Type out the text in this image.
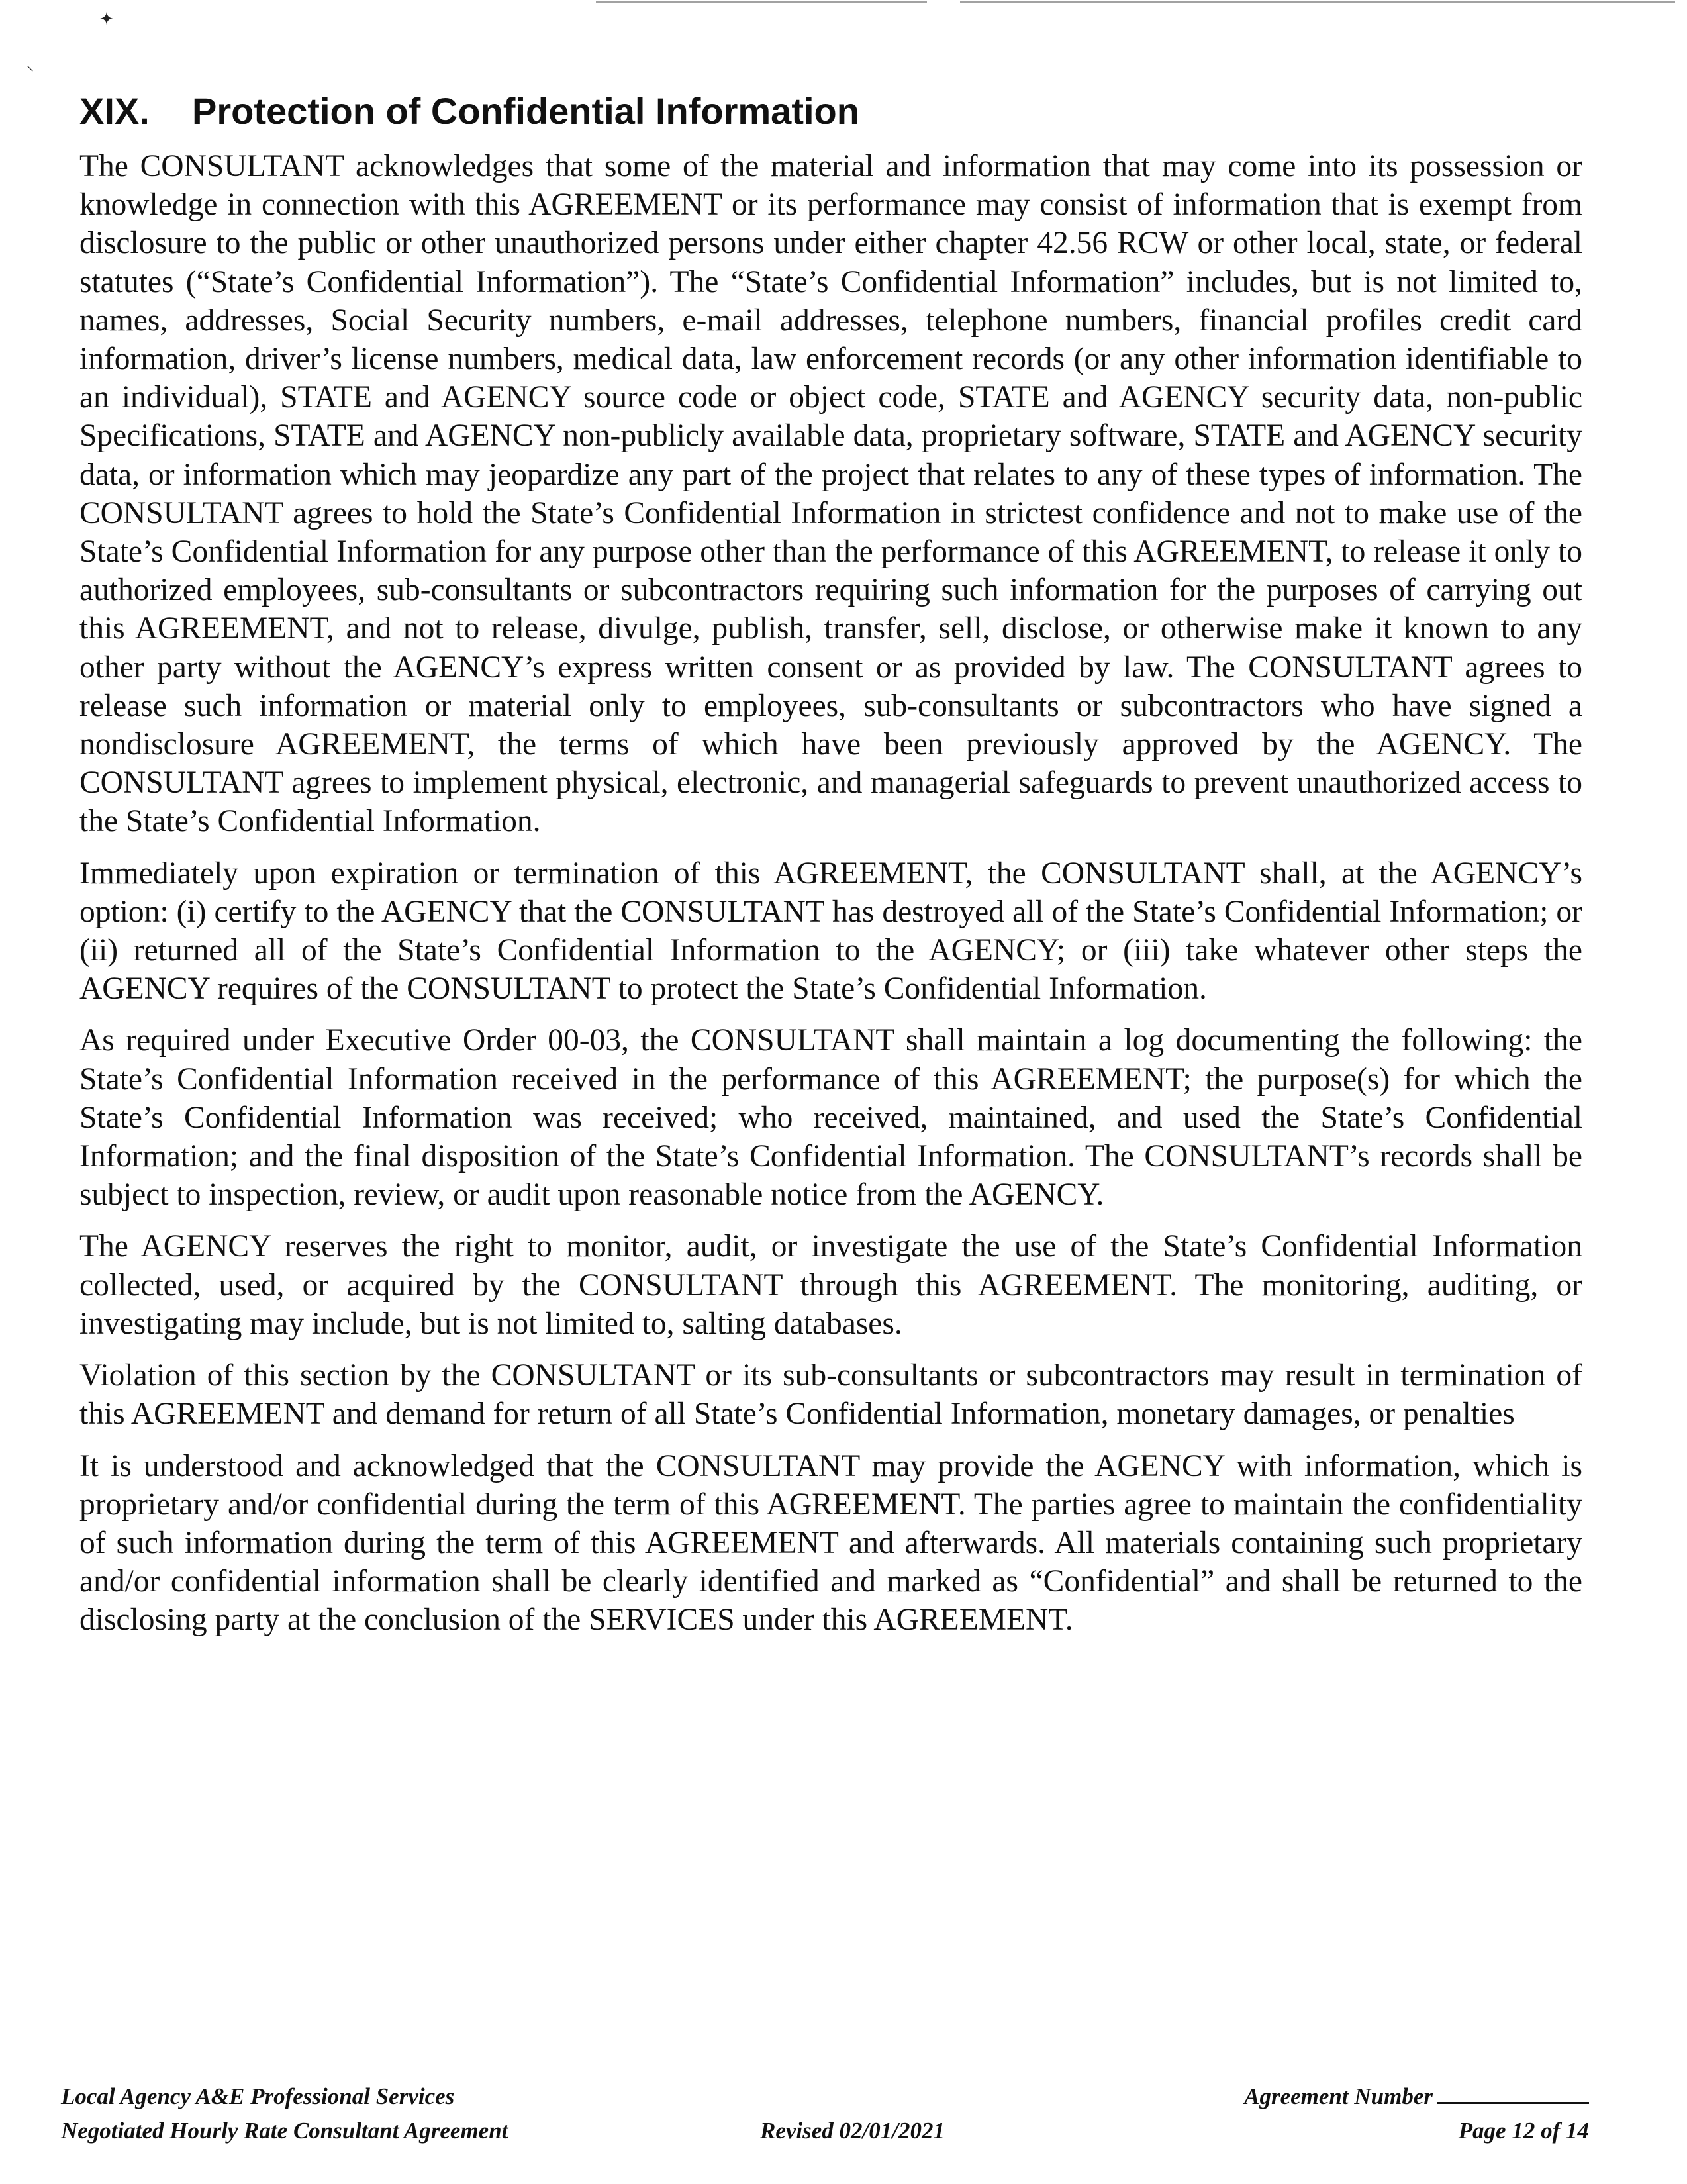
✦
⸌
XIX. Protection of Confidential Information

The CONSULTANT acknowledges that some of the material and information that may come into its possession or knowledge in connection with this AGREEMENT or its performance may consist of information that is exempt from disclosure to the public or other unauthorized persons under either chapter 42.56 RCW or other local, state, or federal statutes (“State’s Confidential Information”). The “State’s Confidential Information” includes, but is not limited to, names, addresses, Social Security numbers, e-mail addresses, telephone numbers, financial profiles credit card information, driver’s license numbers, medical data, law enforcement records (or any other information identifiable to an individual), STATE and AGENCY source code or object code, STATE and AGENCY security data, non-public Specifications, STATE and AGENCY non-publicly available data, proprietary software, STATE and AGENCY security data, or information which may jeopardize any part of the project that relates to any of these types of information. The CONSULTANT agrees to hold the State’s Confidential Information in strictest confidence and not to make use of the State’s Confidential Information for any purpose other than the performance of this AGREEMENT, to release it only to authorized employees, sub-consultants or subcontractors requiring such information for the purposes of carrying out this AGREEMENT, and not to release, divulge, publish, transfer, sell, disclose, or otherwise make it known to any other party without the AGENCY’s express written consent or as provided by law. The CONSULTANT agrees to release such information or material only to employees, sub-consultants or subcontractors who have signed a nondisclosure AGREEMENT, the terms of which have been previously approved by the AGENCY. The CONSULTANT agrees to implement physical, electronic, and managerial safeguards to prevent unauthorized access to the State’s Confidential Information.

Immediately upon expiration or termination of this AGREEMENT, the CONSULTANT shall, at the AGENCY’s option: (i) certify to the AGENCY that the CONSULTANT has destroyed all of the State’s Confidential Information; or (ii) returned all of the State’s Confidential Information to the AGENCY; or (iii) take whatever other steps the AGENCY requires of the CONSULTANT to protect the State’s Confidential Information.

As required under Executive Order 00-03, the CONSULTANT shall maintain a log documenting the following: the State’s Confidential Information received in the performance of this AGREEMENT; the purpose(s) for which the State’s Confidential Information was received; who received, maintained, and used the State’s Confidential Information; and the final disposition of the State’s Confidential Information. The CONSULTANT’s records shall be subject to inspection, review, or audit upon reasonable notice from the AGENCY.

The AGENCY reserves the right to monitor, audit, or investigate the use of the State’s Confidential Information collected, used, or acquired by the CONSULTANT through this AGREEMENT. The monitoring, auditing, or investigating may include, but is not limited to, salting databases.

Violation of this section by the CONSULTANT or its sub-consultants or subcontractors may result in termination of this AGREEMENT and demand for return of all State’s Confidential Information, monetary damages, or penalties

It is understood and acknowledged that the CONSULTANT may provide the AGENCY with information, which is proprietary and/or confidential during the term of this AGREEMENT. The parties agree to maintain the confidentiality of such information during the term of this AGREEMENT and afterwards. All materials containing such proprietary and/or confidential information shall be clearly identified and marked as “Confidential” and shall be returned to the disclosing party at the conclusion of the SERVICES under this AGREEMENT.

Local Agency A&E Professional Services
Negotiated Hourly Rate Consultant Agreement	Revised 02/01/2021
Agreement Number
Page 12 of 14
